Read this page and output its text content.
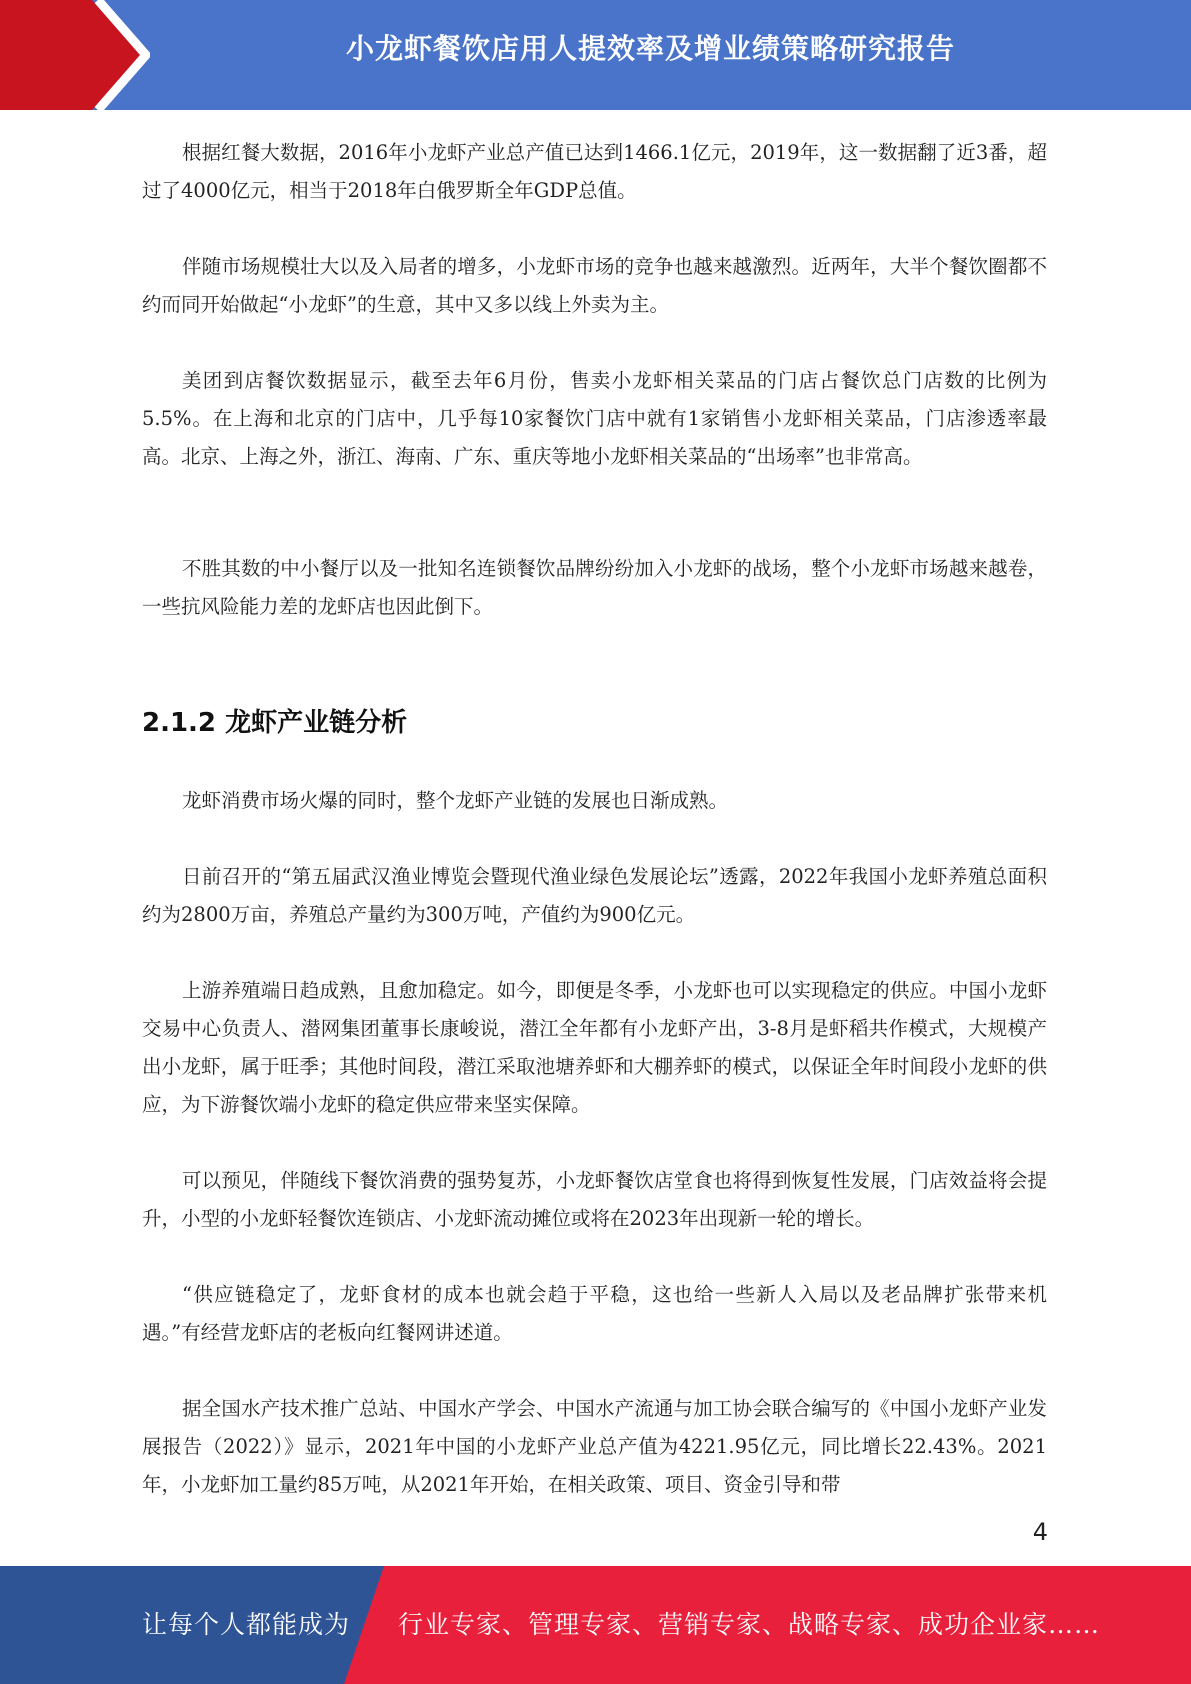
小龙虾餐饮店用人提效率及增业绩策略研究报告

根据红餐大数据，2016年小龙虾产业总产值已达到1466.1亿元，2019年，这一数据翻了近3番，超过了4000亿元，相当于2018年白俄罗斯全年GDP总值。

伴随市场规模壮大以及入局者的增多，小龙虾市场的竞争也越来越激烈。近两年，大半个餐饮圈都不约而同开始做起“小龙虾”的生意，其中又多以线上外卖为主。

美团到店餐饮数据显示，截至去年6月份，售卖小龙虾相关菜品的门店占餐饮总门店数的比例为5.5%。在上海和北京的门店中，几乎每10家餐饮门店中就有1家销售小龙虾相关菜品，门店渗透率最高。北京、上海之外，浙江、海南、广东、重庆等地小龙虾相关菜品的“出场率”也非常高。

不胜其数的中小餐厅以及一批知名连锁餐饮品牌纷纷加入小龙虾的战场，整个小龙虾市场越来越卷，一些抗风险能力差的龙虾店也因此倒下。

2.1.2 龙虾产业链分析

龙虾消费市场火爆的同时，整个龙虾产业链的发展也日渐成熟。

日前召开的“第五届武汉渔业博览会暨现代渔业绿色发展论坛”透露，2022年我国小龙虾养殖总面积约为2800万亩，养殖总产量约为300万吨，产值约为900亿元。

上游养殖端日趋成熟，且愈加稳定。如今，即便是冬季，小龙虾也可以实现稳定的供应。中国小龙虾交易中心负责人、潜网集团董事长康峻说，潜江全年都有小龙虾产出，3-8月是虾稻共作模式，大规模产出小龙虾，属于旺季；其他时间段，潜江采取池塘养虾和大棚养虾的模式，以保证全年时间段小龙虾的供应，为下游餐饮端小龙虾的稳定供应带来坚实保障。

可以预见，伴随线下餐饮消费的强势复苏，小龙虾餐饮店堂食也将得到恢复性发展，门店效益将会提升，小型的小龙虾轻餐饮连锁店、小龙虾流动摊位或将在2023年出现新一轮的增长。

“供应链稳定了，龙虾食材的成本也就会趋于平稳，这也给一些新人入局以及老品牌扩张带来机遇。”有经营龙虾店的老板向红餐网讲述道。

据全国水产技术推广总站、中国水产学会、中国水产流通与加工协会联合编写的《中国小龙虾产业发展报告（2022）》显示，2021年中国的小龙虾产业总产值为4221.95亿元，同比增长22.43%。2021年，小龙虾加工量约85万吨，从2021年开始，在相关政策、项目、资金引导和带

4
让每个人都能成为 行业专家、管理专家、营销专家、战略专家、成功企业家……
